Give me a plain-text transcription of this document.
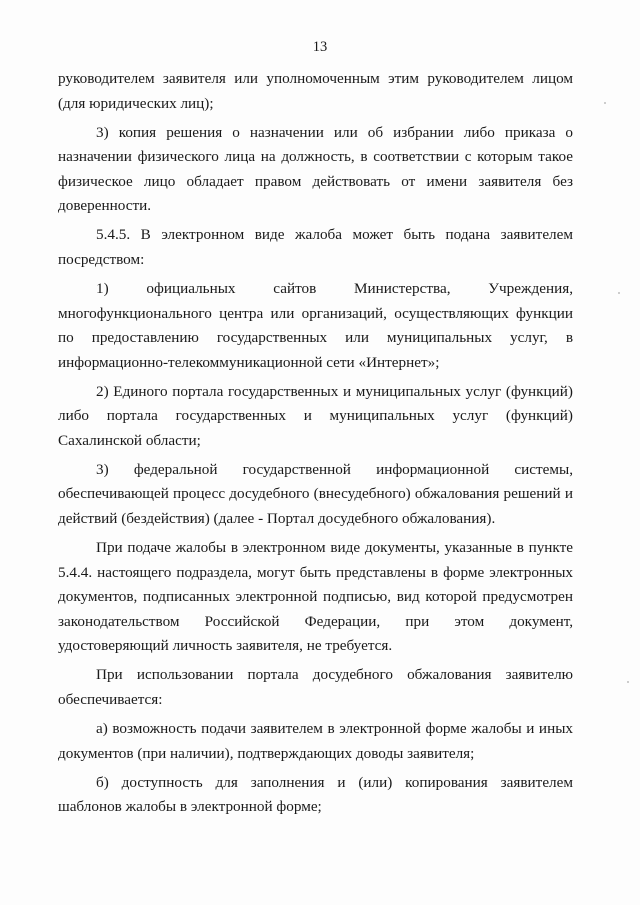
13

руководителем заявителя или уполномоченным этим руководителем лицом (для юридических лиц);

3) копия решения о назначении или об избрании либо приказа о назначении физического лица на должность, в соответствии с которым такое физическое лицо обладает правом действовать от имени заявителя без доверенности.

5.4.5. В электронном виде жалоба может быть подана заявителем посредством:

1) официальных сайтов Министерства, Учреждения, многофункционального центра или организаций, осуществляющих функции по предоставлению государственных или муниципальных услуг, в информационно-телекоммуникационной сети «Интернет»;

2) Единого портала государственных и муниципальных услуг (функций) либо портала государственных и муниципальных услуг (функций) Сахалинской области;

3) федеральной государственной информационной системы, обеспечивающей процесс досудебного (внесудебного) обжалования решений и действий (бездействия) (далее - Портал досудебного обжалования).

При подаче жалобы в электронном виде документы, указанные в пункте 5.4.4. настоящего подраздела, могут быть представлены в форме электронных документов, подписанных электронной подписью, вид которой предусмотрен законодательством Российской Федерации, при этом документ, удостоверяющий личность заявителя, не требуется.

При использовании портала досудебного обжалования заявителю обеспечивается:

а) возможность подачи заявителем в электронной форме жалобы и иных документов (при наличии), подтверждающих доводы заявителя;

б) доступность для заполнения и (или) копирования заявителем шаблонов жалобы в электронной форме;
